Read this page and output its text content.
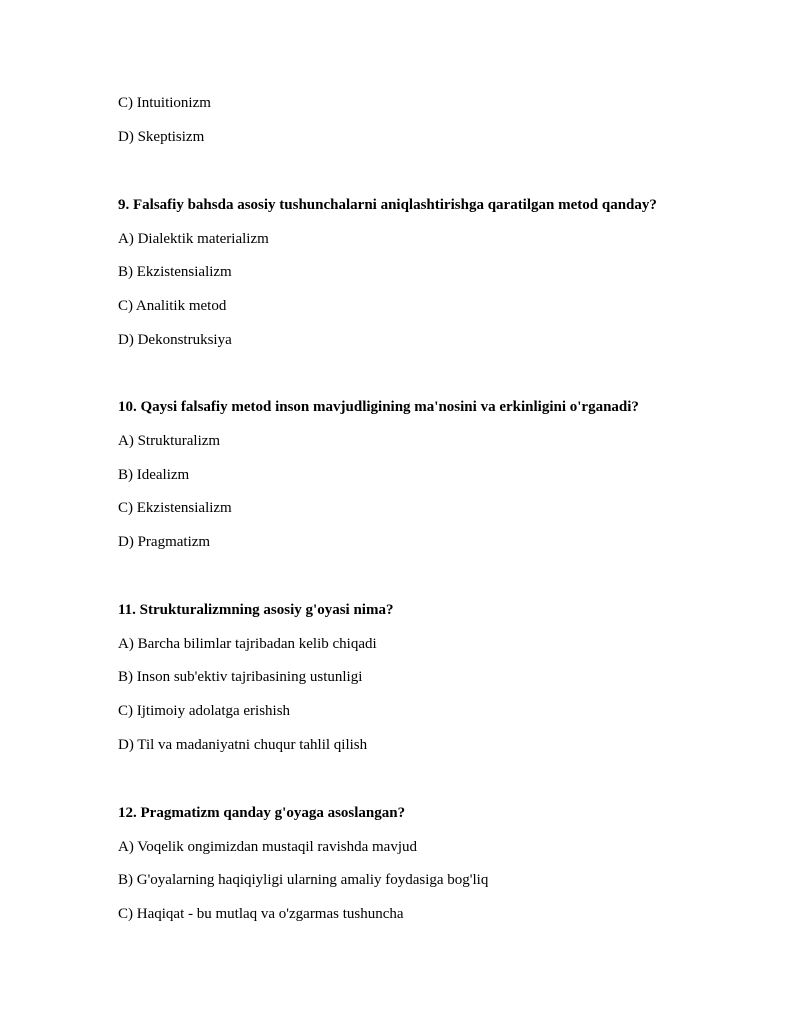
C) Intuitionizm
D) Skeptisizm
9. Falsafiy bahsda asosiy tushunchalarni aniqlashtirishga qaratilgan metod qanday?
A) Dialektik materializm
B) Ekzistensializm
C) Analitik metod
D) Dekonstruksiya
10. Qaysi falsafiy metod inson mavjudligining ma'nosini va erkinligini o'rganadi?
A) Strukturalizm
B) Idealizm
C) Ekzistensializm
D) Pragmatizm
11. Strukturalizmning asosiy g'oyasi nima?
A) Barcha bilimlar tajribadan kelib chiqadi
B) Inson sub'ektiv tajribasining ustunligi
C) Ijtimoiy adolatga erishish
D) Til va madaniyatni chuqur tahlil qilish
12. Pragmatizm qanday g'oyaga asoslangan?
A) Voqelik ongimizdan mustaqil ravishda mavjud
B) G'oyalarning haqiqiyligi ularning amaliy foydasiga bog'liq
C) Haqiqat - bu mutlaq va o'zgarmas tushuncha
